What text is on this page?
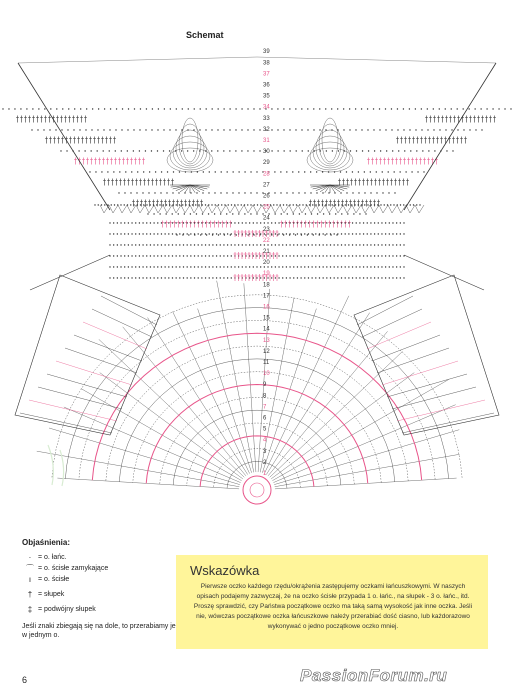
Schemat
1
2
3
4
5
6
7
8
9
10
11
12
13
14
15
16
17
18
19
20
21
22
23
24
25
26
27
28
29
30
31
32
33
34
35
36
37
38
39
Objaśnienia:
· = o. łańc.
⌒ = o. ścisłe zamykające
ı = o. ścisłe
† = słupek
‡ = podwójny słupek
Jeśli znaki zbiegają się na dole, to przerabiamy je w jednym o.
Wskazówka

Pierwsze oczko każdego rzędu/okrążenia zastępujemy oczkami łańcuszkowymi. W naszych opisach podajemy zazwyczaj, że na oczko ścisłe przypada 1 o. łańc., na słupek - 3 o. łańc., itd. Proszę sprawdzić, czy Państwa początkowe oczko ma taką samą wysokość jak inne oczka. Jeśli nie, wówczas początkowe oczka łańcuszkowe należy przerabiać dość ciasno, lub każdorazowo wykonywać o jedno początkowe oczko mniej.

6	PassionForum.ru
